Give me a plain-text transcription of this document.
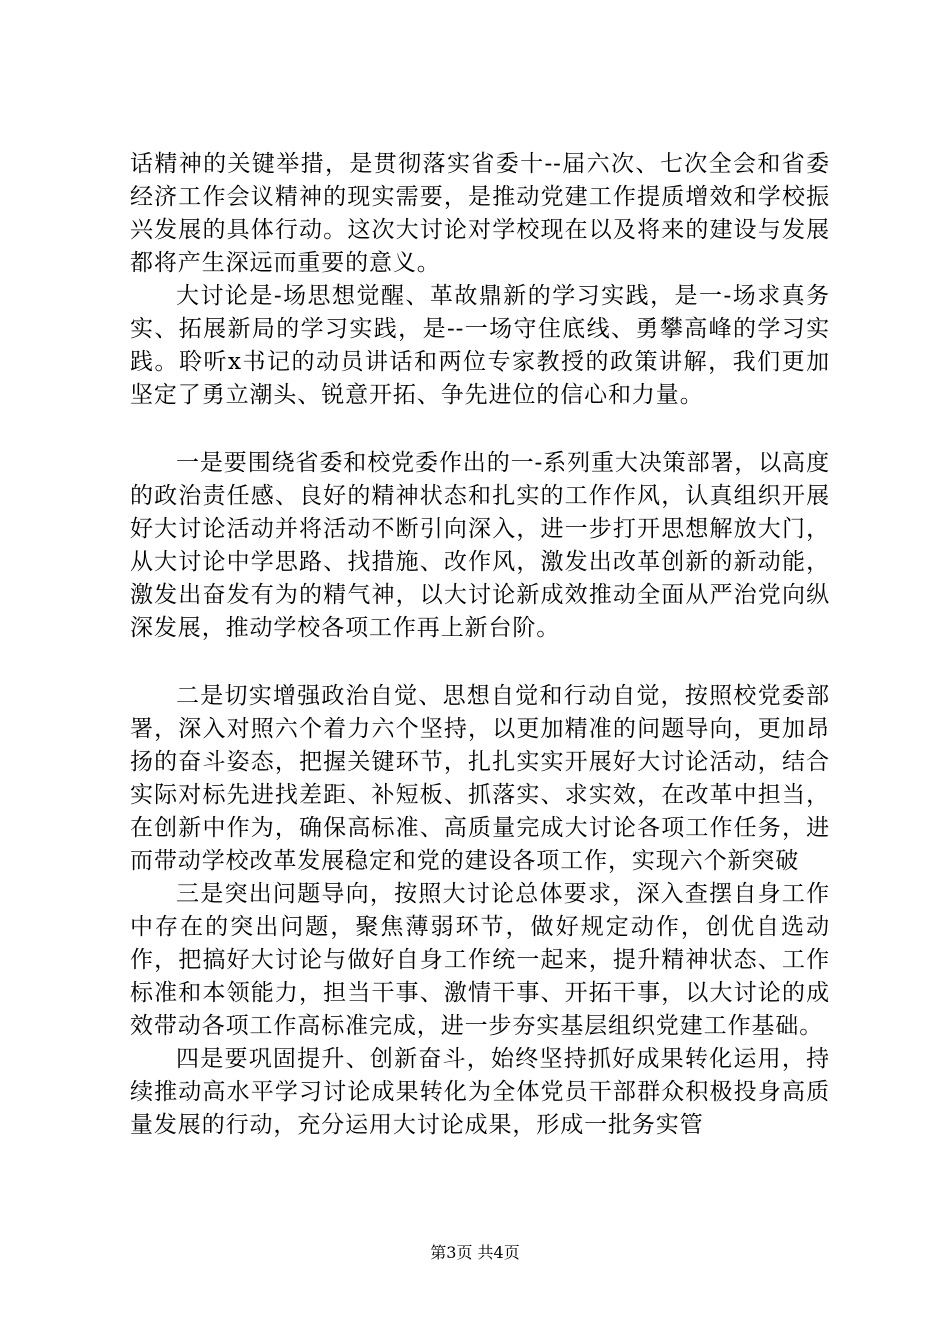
话精神的关键举措，是贯彻落实省委十--届六次、七次全会和省委经济工作会议精神的现实需要，是推动党建工作提质增效和学校振兴发展的具体行动。这次大讨论对学校现在以及将来的建设与发展都将产生深远而重要的意义。

大讨论是-场思想觉醒、革故鼎新的学习实践，是一-场求真务实、拓展新局的学习实践，是--一场守住底线、勇攀高峰的学习实践。聆听x书记的动员讲话和两位专家教授的政策讲解，我们更加坚定了勇立潮头、锐意开拓、争先进位的信心和力量。

一是要围绕省委和校党委作出的一-系列重大决策部署，以高度的政治责任感、良好的精神状态和扎实的工作作风，认真组织开展好大讨论活动并将活动不断引向深入，进一步打开思想解放大门，从大讨论中学思路、找措施、改作风，激发出改革创新的新动能，激发出奋发有为的精气神，以大讨论新成效推动全面从严治党向纵深发展，推动学校各项工作再上新台阶。

二是切实增强政治自觉、思想自觉和行动自觉，按照校党委部署，深入对照六个着力六个坚持，以更加精准的问题导向，更加昂扬的奋斗姿态，把握关键环节，扎扎实实开展好大讨论活动，结合实际对标先进找差距、补短板、抓落实、求实效，在改革中担当，在创新中作为，确保高标准、高质量完成大讨论各项工作任务，进而带动学校改革发展稳定和党的建设各项工作，实现六个新突破

三是突出问题导向，按照大讨论总体要求，深入查摆自身工作中存在的突出问题，聚焦薄弱环节，做好规定动作，创优自选动作，把搞好大讨论与做好自身工作统一起来，提升精神状态、工作标准和本领能力，担当干事、激情干事、开拓干事，以大讨论的成效带动各项工作高标准完成，进一步夯实基层组织党建工作基础。

四是要巩固提升、创新奋斗，始终坚持抓好成果转化运用，持续推动高水平学习讨论成果转化为全体党员干部群众积极投身高质量发展的行动，充分运用大讨论成果，形成一批务实管

第3页 共4页
